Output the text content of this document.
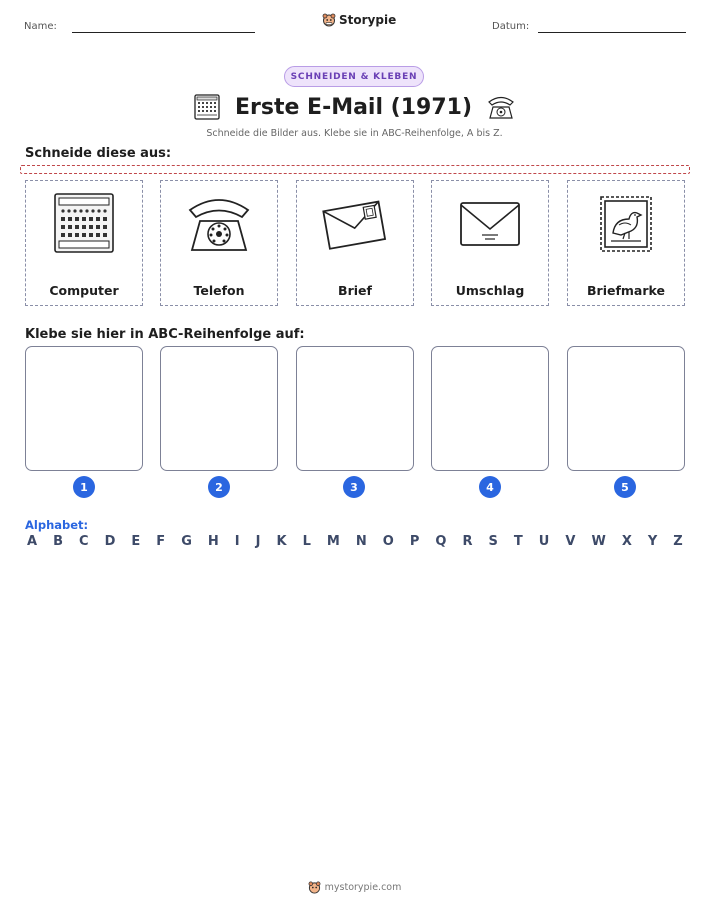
Name:	Storypie	Datum:
SCHNEIDEN & KLEBEN
Erste E-Mail (1971)
Schneide die Bilder aus. Klebe sie in ABC-Reihenfolge, A bis Z.
Schneide diese aus:
Computer	Telefon	Brief	Umschlag	Briefmarke
Klebe sie hier in ABC-Reihenfolge auf:
1	2	3	4	5
Alphabet:
A B C D E F G H I J K L M N O P Q R S T U V W X Y Z
mystorypie.com
